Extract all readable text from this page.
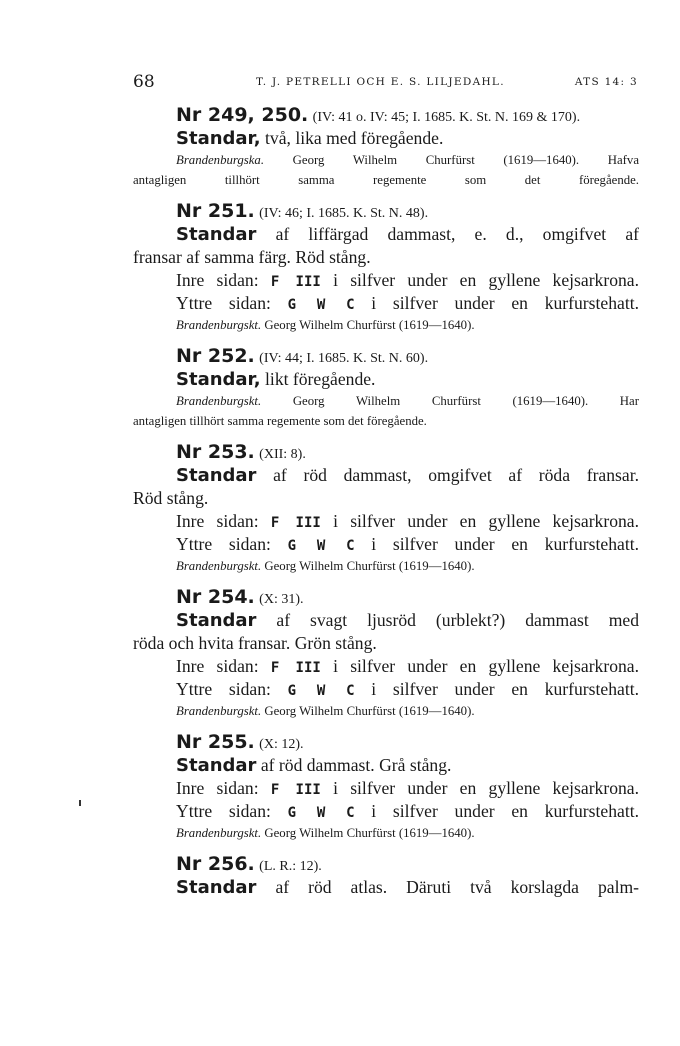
68	T. J. PETRELLI OCH E. S. LILJEDAHL.	ATS 14: 3
Nr 249, 250. (IV: 41 o. IV: 45; I. 1685. K. St. N. 169 & 170).
Standar, två, lika med föregående.
Brandenburgska. Georg Wilhelm Churfürst (1619—1640). Hafva
antagligen tillhört samma regemente som det föregående.
Nr 251. (IV: 46; I. 1685. K. St. N. 48).
Standar af liffärgad dammast, e. d., omgifvet af
fransar af samma färg. Röd stång.
Inre sidan: F III i silfver under en gyllene kejsarkrona.
Yttre sidan: G W C i silfver under en kurfurstehatt.
Brandenburgskt. Georg Wilhelm Churfürst (1619—1640).
Nr 252. (IV: 44; I. 1685. K. St. N. 60).
Standar, likt föregående.
Brandenburgskt. Georg Wilhelm Churfürst (1619—1640). Har
antagligen tillhört samma regemente som det föregående.
Nr 253. (XII: 8).
Standar af röd dammast, omgifvet af röda fransar.
Röd stång.
Inre sidan: F III i silfver under en gyllene kejsarkrona.
Yttre sidan: G W C i silfver under en kurfurstehatt.
Brandenburgskt. Georg Wilhelm Churfürst (1619—1640).
Nr 254. (X: 31).
Standar af svagt ljusröd (urblekt?) dammast med
röda och hvita fransar. Grön stång.
Inre sidan: F III i silfver under en gyllene kejsarkrona.
Yttre sidan: G W C i silfver under en kurfurstehatt.
Brandenburgskt. Georg Wilhelm Churfürst (1619—1640).
Nr 255. (X: 12).
Standar af röd dammast. Grå stång.
Inre sidan: F III i silfver under en gyllene kejsarkrona.
Yttre sidan: G W C i silfver under en kurfurstehatt.
Brandenburgskt. Georg Wilhelm Churfürst (1619—1640).
Nr 256. (L. R.: 12).
Standar af röd atlas. Däruti två korslagda palm-
